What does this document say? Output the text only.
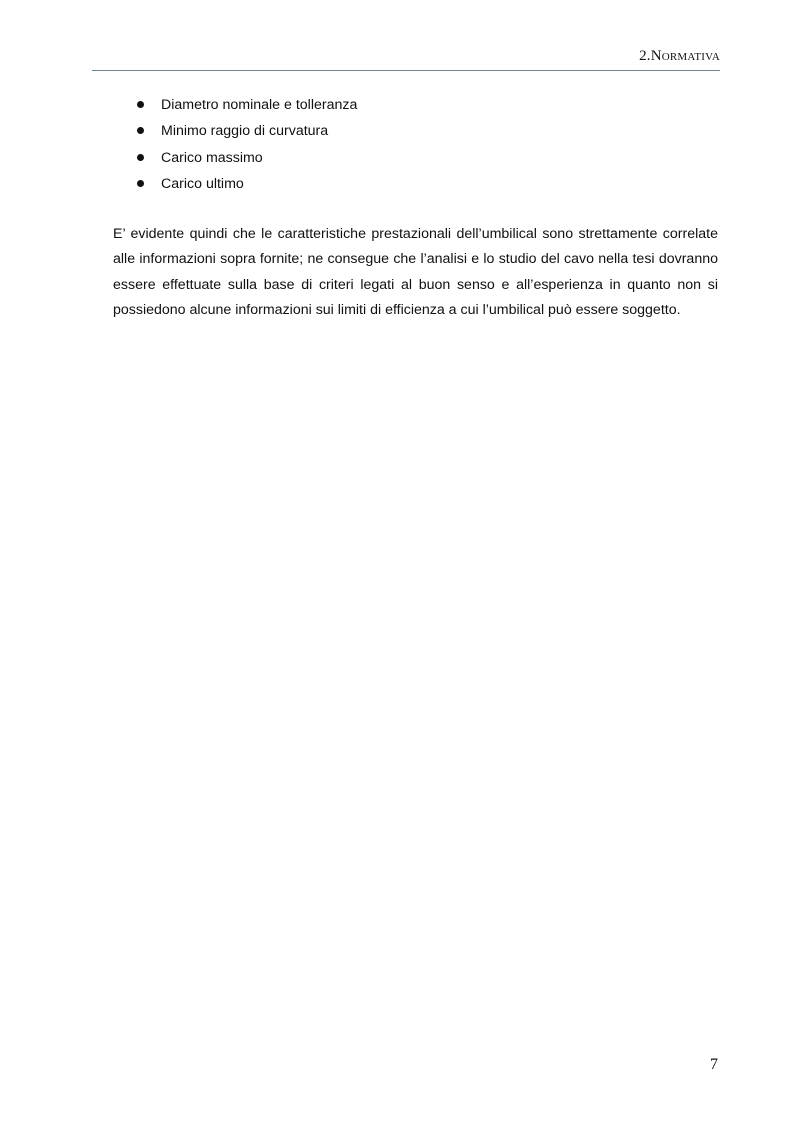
2.Normativa
Diametro nominale e tolleranza
Minimo raggio di curvatura
Carico massimo
Carico ultimo

E’ evidente quindi che le caratteristiche prestazionali dell’umbilical sono strettamente correlate alle informazioni sopra fornite; ne consegue che l’analisi e lo studio del cavo nella tesi dovranno essere effettuate sulla base di criteri legati al buon senso e all’esperienza in quanto non si possiedono alcune informazioni sui limiti di efficienza a cui l’umbilical può essere soggetto.

7
